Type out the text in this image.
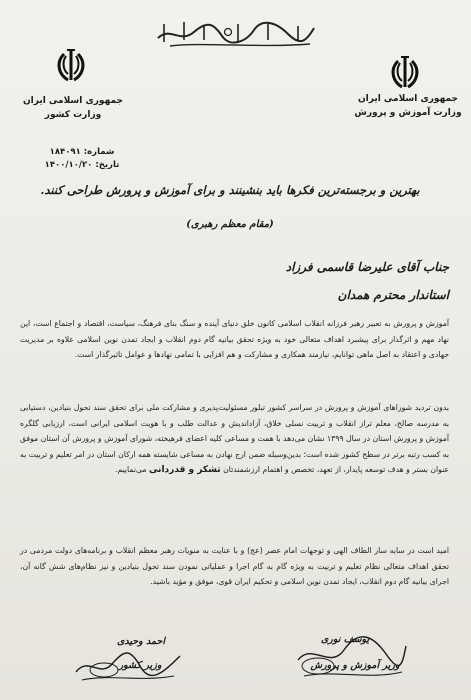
جمهوری اسلامی ایران
وزارت کشور
جمهوری اسلامی ایران
وزارت آموزش و پرورش
شماره: ۱۸۴۰۹۱
تاریخ: ۱۴۰۰/۱۰/۲۰
بهترین و برجسته‌ترین فکرها باید بنشینند و برای آموزش و پرورش طراحی کنند.
(مقام معظم رهبری)
جناب آقای علیرضا قاسمی فرزاد
استاندار محترم همدان
آموزش و پرورش به تعبیر رهبر فرزانه انقلاب اسلامی کانون خلق دنیای آینده و سنگ بنای فرهنگ، سیاست، اقتصاد و اجتماع است، این نهاد مهم و اثرگذار برای پیشبرد اهداف متعالی خود به ویژه تحقق بیانیه گام دوم انقلاب و ایجاد تمدن نوین اسلامی علاوه بر مدیریت جهادی و اعتقاد به اصل ماهی توانایم، نیازمند همکاری و مشارکت و هم افزایی با تمامی نهادها و عوامل تاثیرگذار است.
بدون تردید شوراهای آموزش و پرورش در سراسر کشور تبلور مسئولیت‌پذیری و مشارکت ملی برای تحقق سند تحول بنیادین، دستیابی به مدرسه صالح، معلم تراز انقلاب و تربیت نسلی خلاق، آزاداندیش و عدالت طلب و با هویت اسلامی ایرانی است، ارزیابی گلگره آموزش و پرورش استان در سال ۱۳۹۹ نشان می‌دهد با همت و مساعی کلیه اعضای فرهیخته، شورای آموزش و پرورش آن استان موفق به کسب رتبه برتر در سطح کشور شده است؛ بدین‌وسیله ضمن ارج نهادن به مساعی شایسته همه ارکان استان در امر تعلیم و تربیت به عنوان بستر و هدف توسعه پایدار، از تعهد، تخصص و اهتمام ارزشمندتان تشکر و قدردانی می‌نماییم.
امید است در سایه سار الطاف الهی و توجهات امام عصر (عج) و با عنایت به منویات رهبر معظم انقلاب و برنامه‌های دولت مردمی در تحقق اهداف متعالی نظام تعلیم و تربیت به ویژه گام به گام اجرا و عملیاتی نمودن سند تحول بنیادین و نیز نظام‌های شش گانه آن، اجرای بیانیه گام دوم انقلاب، ایجاد تمدن نوین اسلامی و تحکیم ایران قوی، موفق و مؤید باشید.
احمد وحیدی
وزیر کشور
یوسف نوری
وزیر آموزش و پرورش
